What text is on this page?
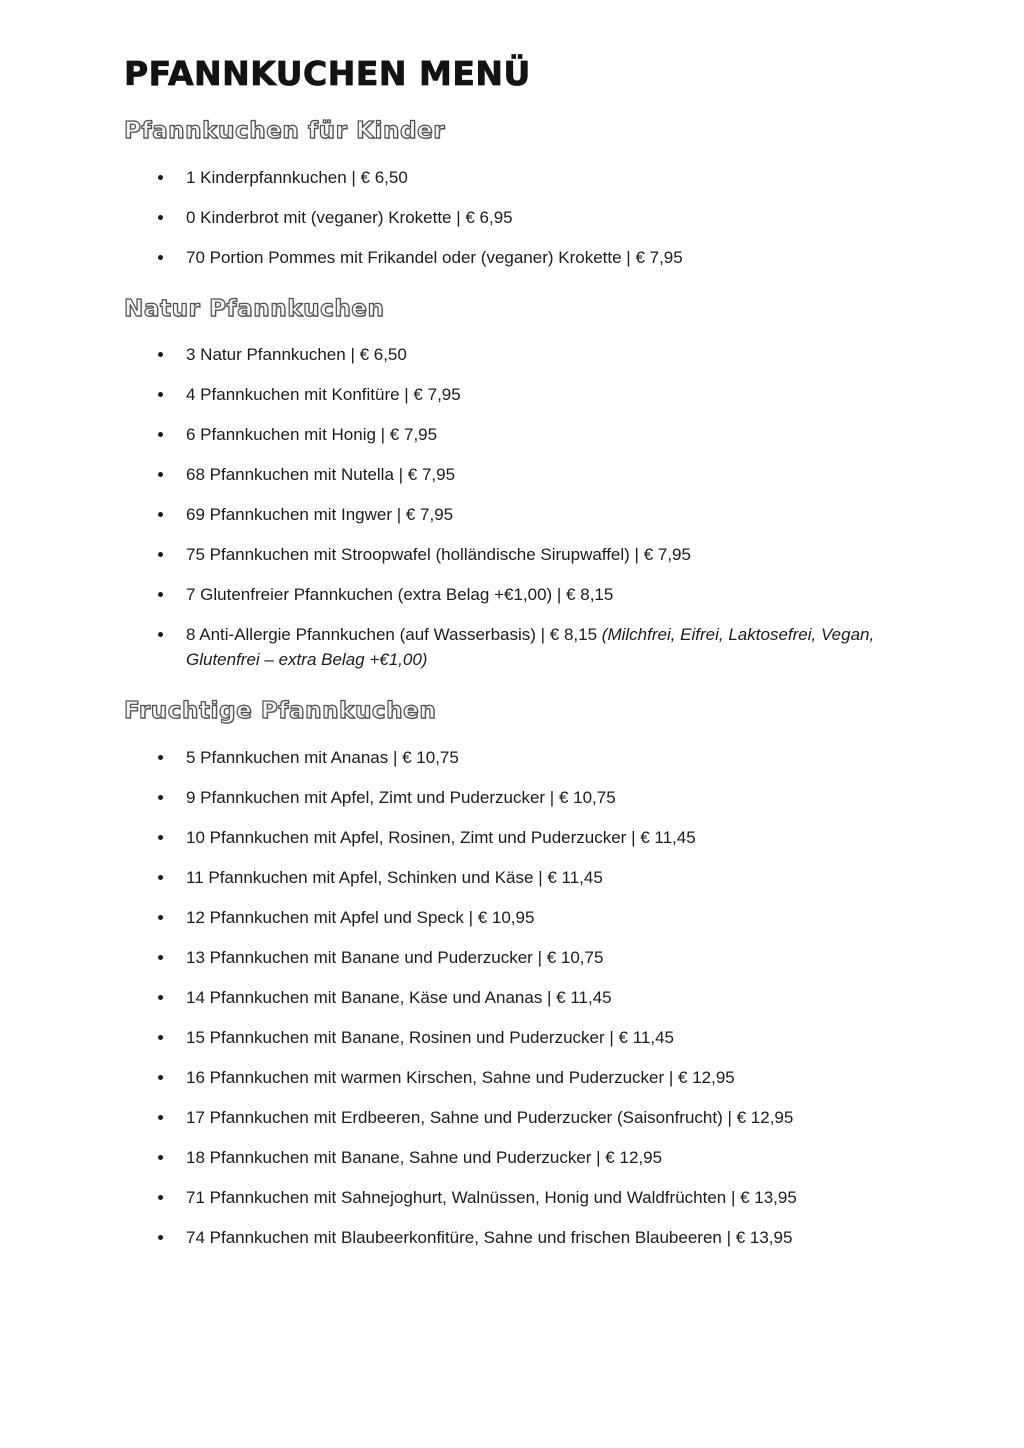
PFANNKUCHEN MENÜ
Pfannkuchen für Kinder
1 Kinderpfannkuchen | € 6,50
0 Kinderbrot mit (veganer) Krokette | € 6,95
70 Portion Pommes mit Frikandel oder (veganer) Krokette | € 7,95
Natur Pfannkuchen
3 Natur Pfannkuchen | € 6,50
4 Pfannkuchen mit Konfitüre | € 7,95
6 Pfannkuchen mit Honig | € 7,95
68 Pfannkuchen mit Nutella | € 7,95
69 Pfannkuchen mit Ingwer | € 7,95
75 Pfannkuchen mit Stroopwafel (holländische Sirupwaffel) | € 7,95
7 Glutenfreier Pfannkuchen (extra Belag +€1,00) | € 8,15
8 Anti-Allergie Pfannkuchen (auf Wasserbasis) | € 8,15 (Milchfrei, Eifrei, Laktosefrei, Vegan, Glutenfrei – extra Belag +€1,00)
Fruchtige Pfannkuchen
5 Pfannkuchen mit Ananas | € 10,75
9 Pfannkuchen mit Apfel, Zimt und Puderzucker | € 10,75
10 Pfannkuchen mit Apfel, Rosinen, Zimt und Puderzucker | € 11,45
11 Pfannkuchen mit Apfel, Schinken und Käse | € 11,45
12 Pfannkuchen mit Apfel und Speck | € 10,95
13 Pfannkuchen mit Banane und Puderzucker | € 10,75
14 Pfannkuchen mit Banane, Käse und Ananas | € 11,45
15 Pfannkuchen mit Banane, Rosinen und Puderzucker | € 11,45
16 Pfannkuchen mit warmen Kirschen, Sahne und Puderzucker | € 12,95
17 Pfannkuchen mit Erdbeeren, Sahne und Puderzucker (Saisonfrucht) | € 12,95
18 Pfannkuchen mit Banane, Sahne und Puderzucker | € 12,95
71 Pfannkuchen mit Sahnejoghurt, Walnüssen, Honig und Waldfrüchten | € 13,95
74 Pfannkuchen mit Blaubeerkonfitüre, Sahne und frischen Blaubeeren | € 13,95
